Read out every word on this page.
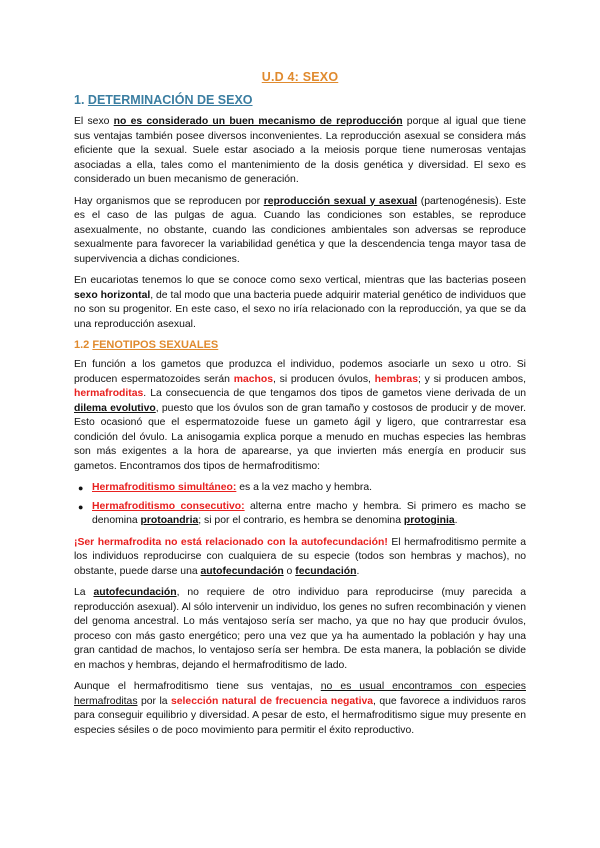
U.D 4: SEXO
1. DETERMINACIÓN DE SEXO

El sexo no es considerado un buen mecanismo de reproducción porque al igual que tiene sus ventajas también posee diversos inconvenientes. La reproducción asexual se considera más eficiente que la sexual. Suele estar asociado a la meiosis porque tiene numerosas ventajas asociadas a ella, tales como el mantenimiento de la dosis genética y diversidad. El sexo es considerado un buen mecanismo de generación.

Hay organismos que se reproducen por reproducción sexual y asexual (partenogénesis). Este es el caso de las pulgas de agua. Cuando las condiciones son estables, se reproduce asexualmente, no obstante, cuando las condiciones ambientales son adversas se reproduce sexualmente para favorecer la variabilidad genética y que la descendencia tenga mayor tasa de supervivencia a dichas condiciones.

En eucariotas tenemos lo que se conoce como sexo vertical, mientras que las bacterias poseen sexo horizontal, de tal modo que una bacteria puede adquirir material genético de individuos que no son su progenitor. En este caso, el sexo no iría relacionado con la reproducción, ya que se da una reproducción asexual.

1.2 FENOTIPOS SEXUALES

En función a los gametos que produzca el individuo, podemos asociarle un sexo u otro. Si producen espermatozoides serán machos, si producen óvulos, hembras; y si producen ambos, hermafroditas. La consecuencia de que tengamos dos tipos de gametos viene derivada de un dilema evolutivo, puesto que los óvulos son de gran tamaño y costosos de producir y de mover. Esto ocasionó que el espermatozoide fuese un gameto ágil y ligero, que contrarrestar esa condición del óvulo. La anisogamia explica porque a menudo en muchas especies las hembras son más exigentes a la hora de aparearse, ya que invierten más energía en producir sus gametos. Encontramos dos tipos de hermafroditismo:

● Hermafroditismo simultáneo: es a la vez macho y hembra.
● Hermafroditismo consecutivo: alterna entre macho y hembra. Si primero es macho se denomina protoandria; si por el contrario, es hembra se denomina protoginia.

¡Ser hermafrodita no está relacionado con la autofecundación! El hermafroditismo permite a los individuos reproducirse con cualquiera de su especie (todos son hembras y machos), no obstante, puede darse una autofecundación o fecundación.

La autofecundación, no requiere de otro individuo para reproducirse (muy parecida a reproducción asexual). Al sólo intervenir un individuo, los genes no sufren recombinación y vienen del genoma ancestral. Lo más ventajoso sería ser macho, ya que no hay que producir óvulos, proceso con más gasto energético; pero una vez que ya ha aumentado la población y hay una gran cantidad de machos, lo ventajoso sería ser hembra. De esta manera, la población se divide en machos y hembras, dejando el hermafroditismo de lado.

Aunque el hermafroditismo tiene sus ventajas, no es usual encontramos con especies hermafroditas por la selección natural de frecuencia negativa, que favorece a individuos raros para conseguir equilibrio y diversidad. A pesar de esto, el hermafroditismo sigue muy presente en especies sésiles o de poco movimiento para permitir el éxito reproductivo.
